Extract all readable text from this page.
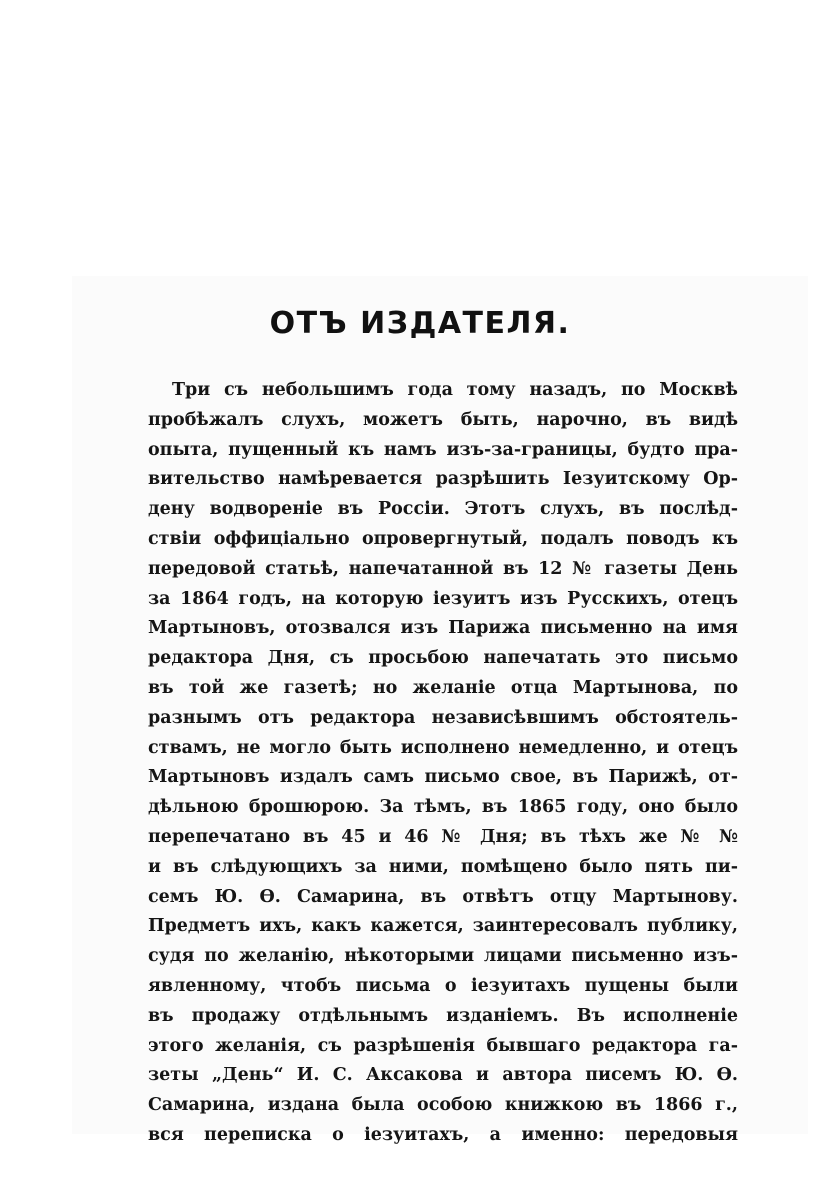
ОТЪ ИЗДАТЕЛЯ.
Три съ небольшимъ года тому назадъ, по Москвѣ
пробѣжалъ слухъ, можетъ быть, нарочно, въ видѣ
опыта, пущенный къ намъ изъ-за-границы, будто пра-
вительство намѣревается разрѣшить Іезуитскому Ор-
дену водвореніе въ Россіи. Этотъ слухъ, въ послѣд-
ствіи оффиціально опровергнутый, подалъ поводъ къ
передовой статьѣ, напечатанной въ 12 № газеты День
за 1864 годъ, на которую іезуитъ изъ Русскихъ, отецъ
Мартыновъ, отозвался изъ Парижа письменно на имя
редактора Дня, съ просьбою напечатать это письмо
въ той же газетѣ; но желаніе отца Мартынова, по
разнымъ отъ редактора независѣвшимъ обстоятель-
ствамъ, не могло быть исполнено немедленно, и отецъ
Мартыновъ издалъ самъ письмо свое, въ Парижѣ, от-
дѣльною брошюрою. За тѣмъ, въ 1865 году, оно было
перепечатано въ 45 и 46 № Дня; въ тѣхъ же № №
и въ слѣдующихъ за ними, помѣщено было пять пи-
семъ Ю. Ө. Самарина, въ отвѣтъ отцу Мартынову.
Предметъ ихъ, какъ кажется, заинтересовалъ публику,
судя по желанію, нѣкоторыми лицами письменно изъ-
явленному, чтобъ письма о іезуитахъ пущены были
въ продажу отдѣльнымъ изданіемъ. Въ исполненіе
этого желанія, съ разрѣшенія бывшаго редактора га-
зеты „День“ И. С. Аксакова и автора писемъ Ю. Ө.
Самарина, издана была особою книжкою въ 1866 г.,
вся переписка о іезуитахъ, а именно: передовыя
